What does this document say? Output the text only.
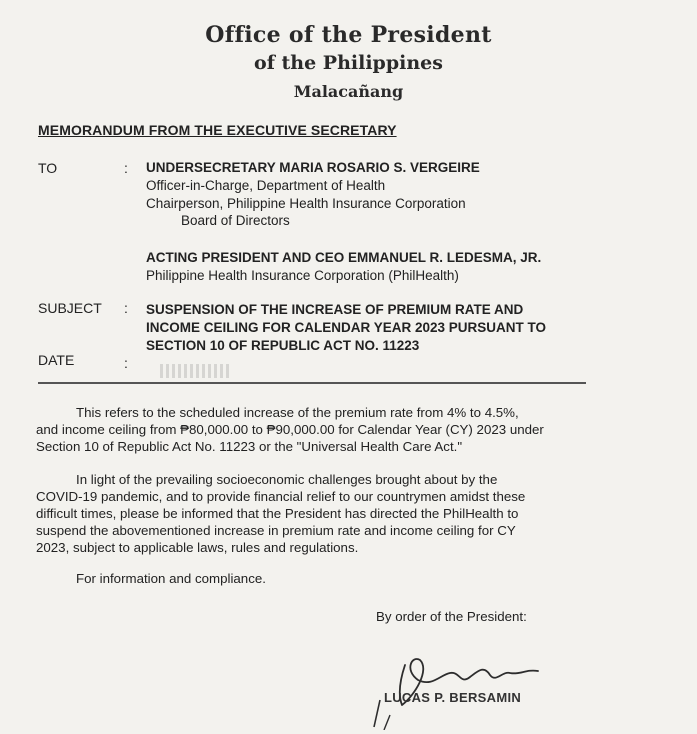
Office of the President
of the Philippines
Malacañang
MEMORANDUM FROM THE EXECUTIVE SECRETARY
TO	: UNDERSECRETARY MARIA ROSARIO S. VERGEIRE
Officer-in-Charge, Department of Health
Chairperson, Philippine Health Insurance Corporation
Board of Directors
ACTING PRESIDENT AND CEO EMMANUEL R. LEDESMA, JR.
Philippine Health Insurance Corporation (PhilHealth)
SUBJECT : SUSPENSION OF THE INCREASE OF PREMIUM RATE AND
INCOME CEILING FOR CALENDAR YEAR 2023 PURSUANT TO
SECTION 10 OF REPUBLIC ACT NO. 11223
DATE	:
This refers to the scheduled increase of the premium rate from 4% to 4.5%,
and income ceiling from ₱80,000.00 to ₱90,000.00 for Calendar Year (CY) 2023 under
Section 10 of Republic Act No. 11223 or the "Universal Health Care Act."
In light of the prevailing socioeconomic challenges brought about by the
COVID-19 pandemic, and to provide financial relief to our countrymen amidst these
difficult times, please be informed that the President has directed the PhilHealth to
suspend the abovementioned increase in premium rate and income ceiling for CY
2023, subject to applicable laws, rules and regulations.
For information and compliance.
By order of the President:
LUCAS P. BERSAMIN
